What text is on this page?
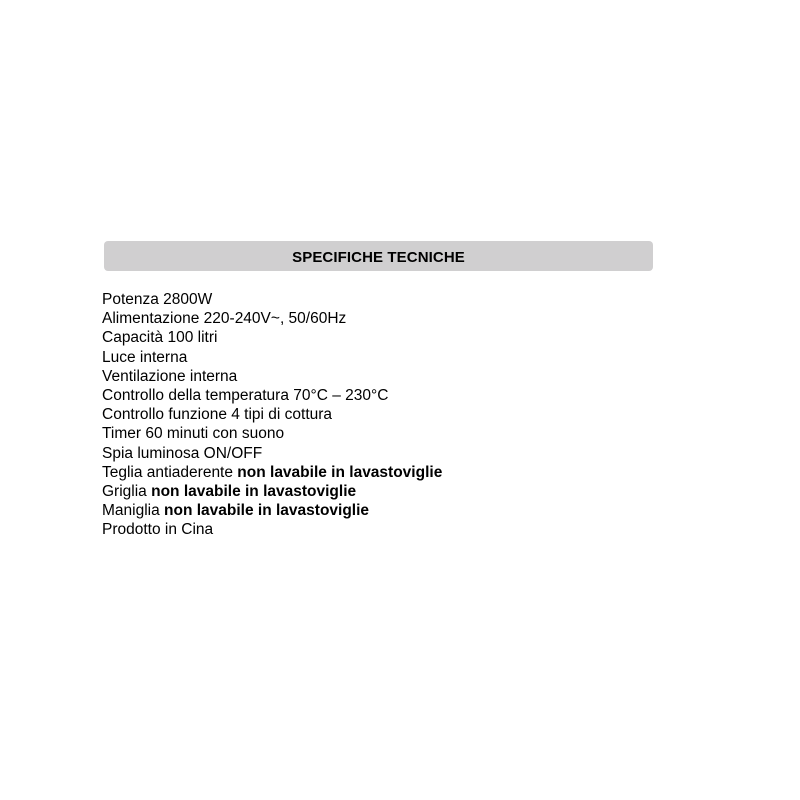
SPECIFICHE TECNICHE
Potenza 2800W
Alimentazione 220-240V~, 50/60Hz
Capacità 100 litri
Luce interna
Ventilazione interna
Controllo della temperatura 70°C – 230°C
Controllo funzione 4 tipi di cottura
Timer 60 minuti con suono
Spia luminosa ON/OFF
Teglia antiaderente non lavabile in lavastoviglie
Griglia non lavabile in lavastoviglie
Maniglia non lavabile in lavastoviglie
Prodotto in Cina
